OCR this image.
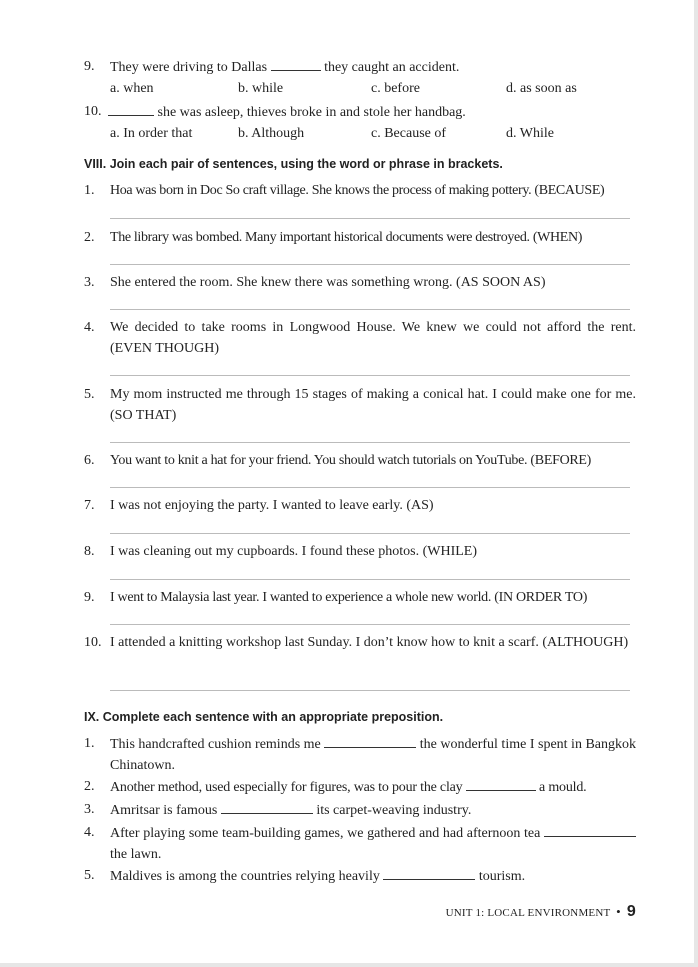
9. They were driving to Dallas	they caught an accident.
a. when	b. while	c. before	d. as soon as
10.	she was asleep, thieves broke in and stole her handbag.
a. In order that	b. Although	c. Because of	d. While
VIII. Join each pair of sentences, using the word or phrase in brackets.
1. Hoa was born in Doc So craft village. She knows the process of making pottery. (BECAUSE)
2. The library was bombed. Many important historical documents were destroyed. (WHEN)
3. She entered the room. She knew there was something wrong. (AS SOON AS)
4. We decided to take rooms in Longwood House. We knew we could not afford the rent. (EVEN THOUGH)
5. My mom instructed me through 15 stages of making a conical hat. I could make one for me. (SO THAT)
6. You want to knit a hat for your friend. You should watch tutorials on YouTube. (BEFORE)
7. I was not enjoying the party. I wanted to leave early. (AS)
8. I was cleaning out my cupboards. I found these photos. (WHILE)
9. I went to Malaysia last year. I wanted to experience a whole new world. (IN ORDER TO)
10. I attended a knitting workshop last Sunday. I don’t know how to knit a scarf. (ALTHOUGH)
IX. Complete each sentence with an appropriate preposition.
1. This handcrafted cushion reminds me	the wonderful time I spent in Bangkok Chinatown.
2. Another method, used especially for figures, was to pour the clay	a mould.
3. Amritsar is famous	its carpet-weaving industry.
4. After playing some team-building games, we gathered and had afternoon tea  the lawn.
5. Maldives is among the countries relying heavily	tourism.
UNIT 1: LOCAL ENVIRONMENT • 9
